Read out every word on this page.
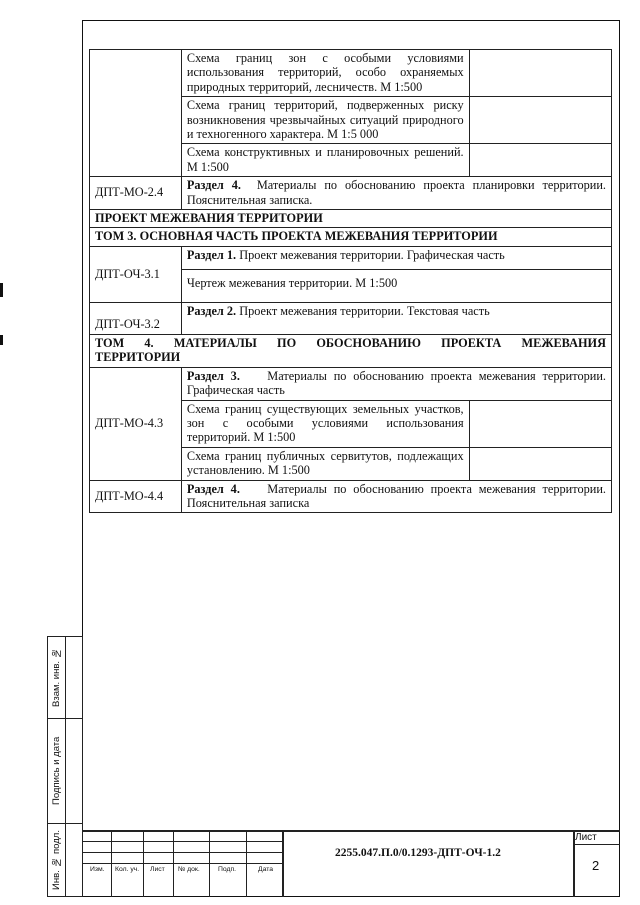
	Схема границ зон с особыми условиями использования территорий, особо охраняемых природных территорий, лесничеств. М 1:500	
	Схема границ территорий, подверженных риску возникновения чрезвычайных ситуаций природного и техногенного характера. М 1:5 000	
	Схема конструктивных и планировочных решений. М 1:500	
ДПТ-МО-2.4	Раздел 4. Материалы по обоснованию проекта планировки территории. Пояснительная записка.	
ПРОЕКТ МЕЖЕВАНИЯ ТЕРРИТОРИИ		
ТОМ 3. ОСНОВНАЯ ЧАСТЬ ПРОЕКТА МЕЖЕВАНИЯ ТЕРРИТОРИИ		
ДПТ-ОЧ-3.1	Раздел 1. Проект межевания территории. Графическая часть	
	Чертеж межевания территории. М 1:500	
ДПТ-ОЧ-3.2	Раздел 2. Проект межевания территории. Текстовая часть	
ТОМ 4. МАТЕРИАЛЫ ПО ОБОСНОВАНИЮ ПРОЕКТА МЕЖЕВАНИЯ ТЕРРИТОРИИ		
ДПТ-МО-4.3	Раздел 3. Материалы по обоснованию проекта межевания территории. Графическая часть	
	Схема границ существующих земельных участков, зон с особыми условиями использования территорий. М 1:500	
	Схема границ публичных сервитутов, подлежащих установлению. М 1:500	
ДПТ-МО-4.4	Раздел 4. Материалы по обоснованию проекта межевания территории. Пояснительная записка	
Взам. инв. №
Подпись и дата
Инв. № подл.	Изм. Кол. уч. Лист № док.	Подп.	Дата
2255.047.П.0/0.1293-ДПТ-ОЧ-1.2
Лист
2
